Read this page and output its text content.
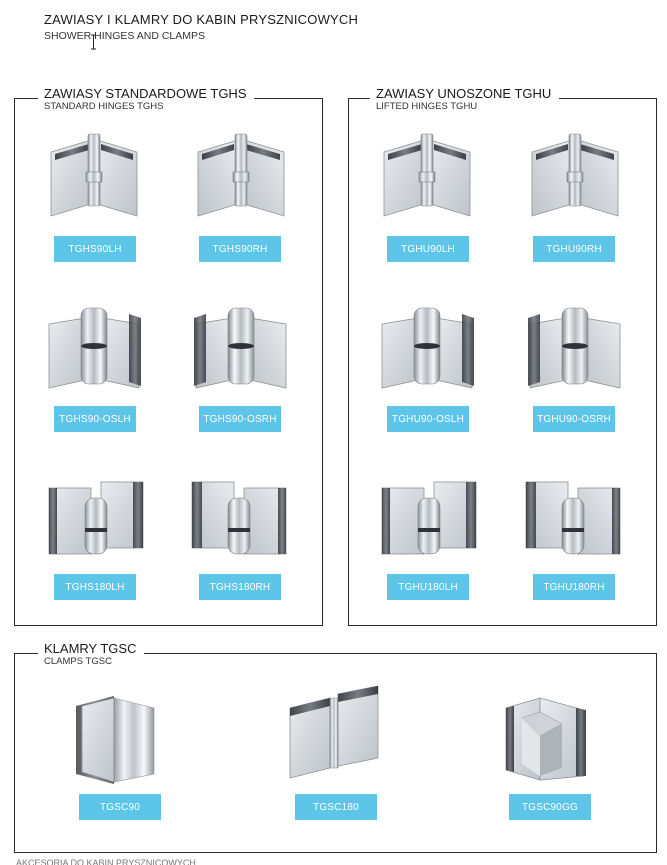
ZAWIASY I KLAMRY DO KABIN PRYSZNICOWYCH
SHOWER HINGES AND CLAMPS
ZAWIASY STANDARDOWE TGHS
STANDARD HINGES TGHS
ZAWIASY UNOSZONE TGHU
LIFTED HINGES TGHU
KLAMRY TGSC
CLAMPS TGSC
TGHS90LH	TGHS90RH
TGHS90-OSLH	TGHS90-OSRH
TGHS180LH	TGHS180RH
TGHU90LH	TGHU90RH
TGHU90-OSLH	TGHU90-OSRH
TGHU180LH	TGHU180RH
TGSC90	TGSC180	TGSC90GG
AKCESORIA DO KABIN PRYSZNICOWYCH
